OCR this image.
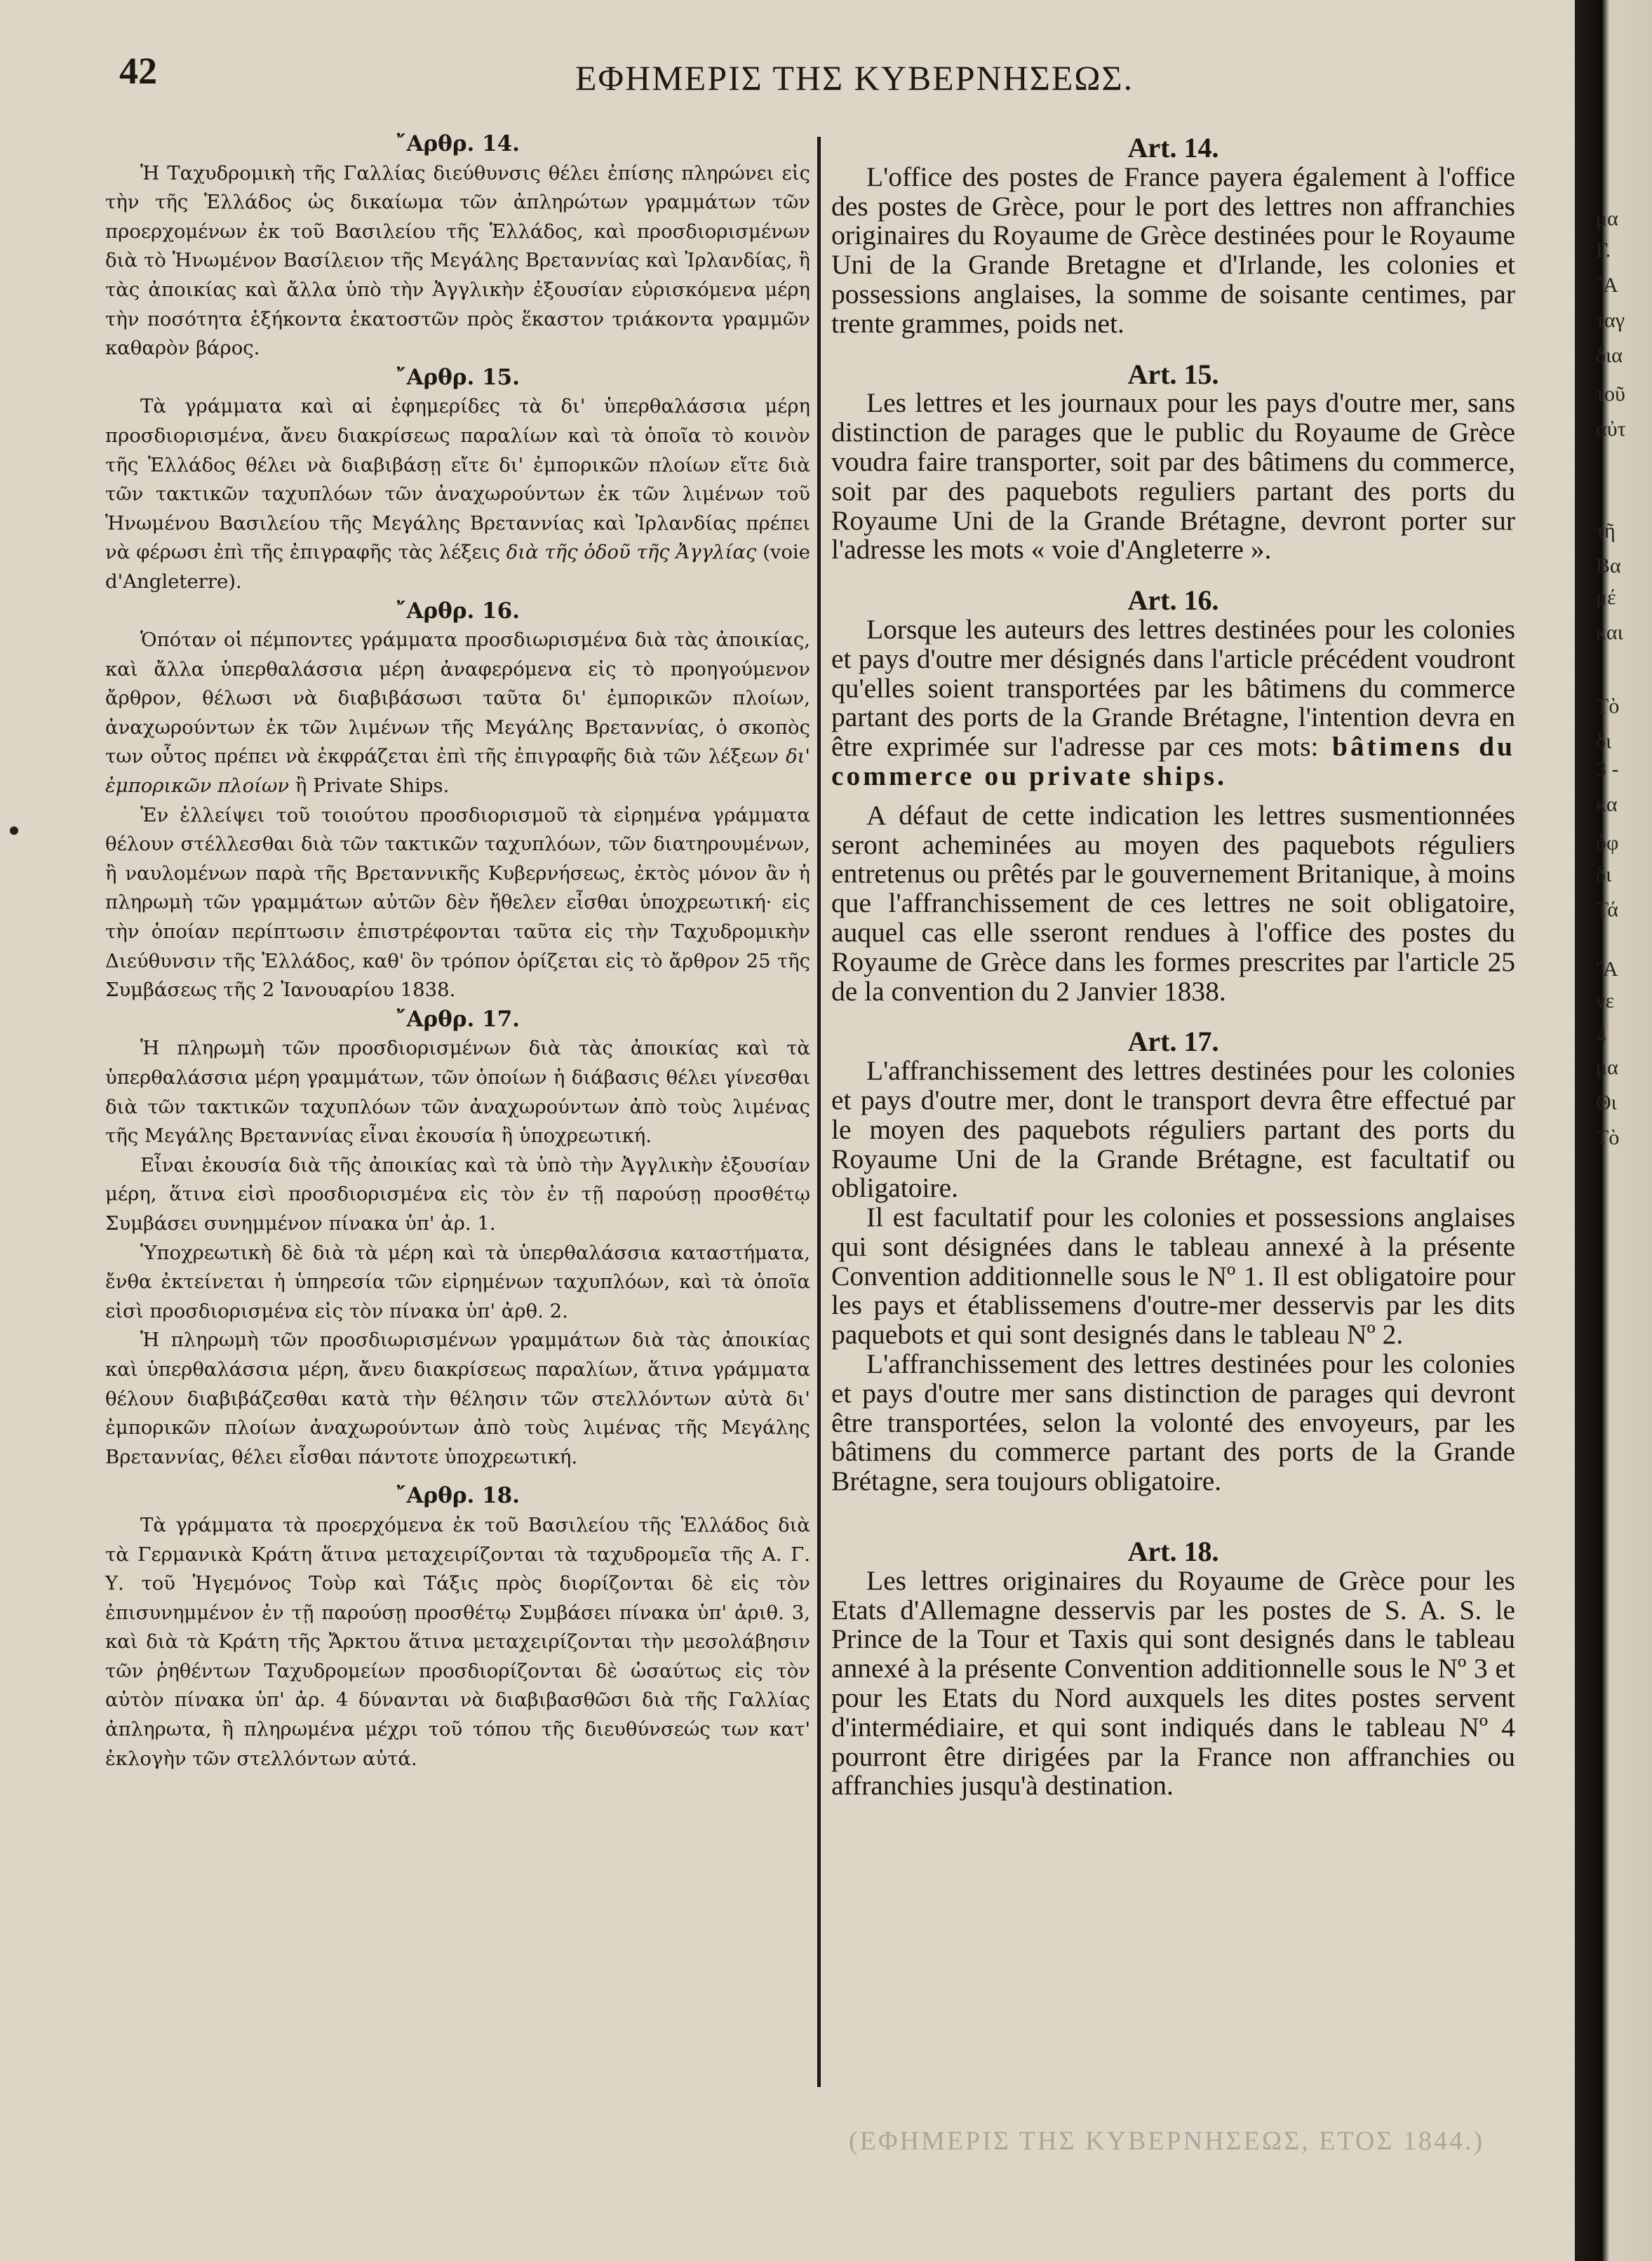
42	ΕΦΗΜΕΡΙΣ ΤΗΣ ΚΥΒΕΡΝΗΣΕΩΣ.

῎Αρθρ. 14.

Ἡ Ταχυδρομικὴ τῆς Γαλλίας διεύθυνσις θέλει ἐπίσης πληρώνει εἰς τὴν τῆς Ἑλλάδος ὡς δικαίωμα τῶν ἀπληρώτων γραμμάτων τῶν προερχομένων ἐκ τοῦ Βασιλείου τῆς Ἑλλάδος, καὶ προσδιορισμένων διὰ τὸ Ἡνωμένον Βασίλειον τῆς Μεγάλης Βρεταννίας καὶ Ἰρλανδίας, ἢ τὰς ἀποικίας καὶ ἄλλα ὑπὸ τὴν Ἀγγλικὴν ἐξουσίαν εὑρισκόμενα μέρη τὴν ποσότητα ἑξήκοντα ἑκατοστῶν πρὸς ἕκαστον τριάκοντα γραμμῶν καθαρὸν βάρος.

῎Αρθρ. 15.

Τὰ γράμματα καὶ αἱ ἐφημερίδες τὰ δι' ὑπερθαλάσσια μέρη προσδιορισμένα, ἄνευ διακρίσεως παραλίων καὶ τὰ ὁποῖα τὸ κοινὸν τῆς Ἑλλάδος θέλει νὰ διαβιβάσῃ εἴτε δι' ἐμπορικῶν πλοίων εἴτε διὰ τῶν τακτικῶν ταχυπλόων τῶν ἀναχωρούντων ἐκ τῶν λιμένων τοῦ Ἡνωμένου Βασιλείου τῆς Μεγάλης Βρεταννίας καὶ Ἰρλανδίας πρέπει νὰ φέρωσι ἐπὶ τῆς ἐπιγραφῆς τὰς λέξεις διὰ τῆς ὁδοῦ τῆς Ἀγγλίας (voie d'Angleterre).

῎Αρθρ. 16.

Ὁπόταν οἱ πέμποντες γράμματα προσδιωρισμένα διὰ τὰς ἀποικίας, καὶ ἄλλα ὑπερθαλάσσια μέρη ἀναφερόμενα εἰς τὸ προηγούμενον ἄρθρον, θέλωσι νὰ διαβιβάσωσι ταῦτα δι' ἐμπορικῶν πλοίων, ἀναχωρούντων ἐκ τῶν λιμένων τῆς Μεγάλης Βρεταννίας, ὁ σκοπὸς των οὗτος πρέπει νὰ ἐκφράζεται ἐπὶ τῆς ἐπιγραφῆς διὰ τῶν λέξεων δι' ἐμπορικῶν πλοίων ἢ Private Ships.

Ἐν ἐλλείψει τοῦ τοιούτου προσδιορισμοῦ τὰ εἰρημένα γράμματα θέλουν στέλλεσθαι διὰ τῶν τακτικῶν ταχυπλόων, τῶν διατηρουμένων, ἢ ναυλομένων παρὰ τῆς Βρεταννικῆς Κυβερνήσεως, ἐκτὸς μόνον ἂν ἡ πληρωμὴ τῶν γραμμάτων αὐτῶν δὲν ἤθελεν εἶσθαι ὑποχρεωτική· εἰς τὴν ὁποίαν περίπτωσιν ἐπιστρέφονται ταῦτα εἰς τὴν Ταχυδρομικὴν Διεύθυνσιν τῆς Ἑλλάδος, καθ' ὃν τρόπον ὁρίζεται εἰς τὸ ἄρθρον 25 τῆς Συμβάσεως τῆς 2 Ἰανουαρίου 1838.

῎Αρθρ. 17.

Ἡ πληρωμὴ τῶν προσδιορισμένων διὰ τὰς ἀποικίας καὶ τὰ ὑπερθαλάσσια μέρη γραμμάτων, τῶν ὁποίων ἡ διάβασις θέλει γίνεσθαι διὰ τῶν τακτικῶν ταχυπλόων τῶν ἀναχωρούντων ἀπὸ τοὺς λιμένας τῆς Μεγάλης Βρεταννίας εἶναι ἐκουσία ἢ ὑποχρεωτική.

Εἶναι ἐκουσία διὰ τῆς ἀποικίας καὶ τὰ ὑπὸ τὴν Ἀγγλικὴν ἐξουσίαν μέρη, ἅτινα εἰσὶ προσδιορισμένα εἰς τὸν ἐν τῇ παρούσῃ προσθέτῳ Συμβάσει συνημμένον πίνακα ὑπ' ἀρ. 1.

Ὑποχρεωτικὴ δὲ διὰ τὰ μέρη καὶ τὰ ὑπερθαλάσσια καταστήματα, ἔνθα ἐκτείνεται ἡ ὑπηρεσία τῶν εἰρημένων ταχυπλόων, καὶ τὰ ὁποῖα εἰσὶ προσδιορισμένα εἰς τὸν πίνακα ὑπ' ἀρθ. 2.

Ἡ πληρωμὴ τῶν προσδιωρισμένων γραμμάτων διὰ τὰς ἀποικίας καὶ ὑπερθαλάσσια μέρη, ἄνευ διακρίσεως παραλίων, ἅτινα γράμματα θέλουν διαβιβάζεσθαι κατὰ τὴν θέλησιν τῶν στελλόντων αὐτὰ δι' ἐμπορικῶν πλοίων ἀναχωρούντων ἀπὸ τοὺς λιμένας τῆς Μεγάλης Βρεταννίας, θέλει εἶσθαι πάντοτε ὑποχρεωτική.

῎Αρθρ. 18.

Τὰ γράμματα τὰ προερχόμενα ἐκ τοῦ Βασιλείου τῆς Ἑλλάδος διὰ τὰ Γερμανικὰ Κράτη ἅτινα μεταχειρίζονται τὰ ταχυδρομεῖα τῆς Α. Γ. Υ. τοῦ Ἡγεμόνος Τοὺρ καὶ Τάξις πρὸς διορίζονται δὲ εἰς τὸν ἐπισυνημμένον ἐν τῇ παρούσῃ προσθέτῳ Συμβάσει πίνακα ὑπ' ἀριθ. 3, καὶ διὰ τὰ Κράτη τῆς Ἄρκτου ἅτινα μεταχειρίζονται τὴν μεσολάβησιν τῶν ῥηθέντων Ταχυδρομείων προσδιορίζονται δὲ ὡσαύτως εἰς τὸν αὐτὸν πίνακα ὑπ' ἀρ. 4 δύνανται νὰ διαβιβασθῶσι διὰ τῆς Γαλλίας ἀπληρωτα, ἢ πληρωμένα μέχρι τοῦ τόπου τῆς διευθύνσεώς των κατ' ἐκλογὴν τῶν στελλόντων αὐτά.

Art. 14.

L'office des postes de France payera également à l'office des postes de Grèce, pour le port des lettres non affranchies originaires du Royaume de Grèce destinées pour le Royaume Uni de la Grande Bretagne et d'Irlande, les colonies et possessions anglaises, la somme de soisante centimes, par trente grammes, poids net.

Art. 15.

Les lettres et les journaux pour les pays d'outre mer, sans distinction de parages que le public du Royaume de Grèce voudra faire transporter, soit par des bâtimens du commerce, soit par des paquebots reguliers partant des ports du Royaume Uni de la Grande Brétagne, devront porter sur l'adresse les mots « voie d'Angleterre ».

Art. 16.

Lorsque les auteurs des lettres destinées pour les colonies et pays d'outre mer désignés dans l'article précédent voudront qu'elles soient transportées par les bâtimens du commerce partant des ports de la Grande Brétagne, l'intention devra en être exprimée sur l'adresse par ces mots: bâtimens du commerce ou private ships.

A défaut de cette indication les lettres susmentionnées seront acheminées au moyen des paquebots réguliers entretenus ou prêtés par le gouvernement Britanique, à moins que l'affranchissement de ces lettres ne soit obligatoire, auquel cas elle sseront rendues à l'office des postes du Royaume de Grèce dans les formes prescrites par l'article 25 de la convention du 2 Janvier 1838.

Art. 17.

L'affranchissement des lettres destinées pour les colonies et pays d'outre mer, dont le transport devra être effectué par le moyen des paquebots réguliers partant des ports du Royaume Uni de la Grande Brétagne, est facultatif ou obligatoire.

Il est facultatif pour les colonies et possessions anglaises qui sont désignées dans le tableau annexé à la présente Convention additionnelle sous le Nº 1. Il est obligatoire pour les pays et établissemens d'outre-mer desservis par les dits paquebots et qui sont designés dans le tableau Nº 2.

L'affranchissement des lettres destinées pour les colonies et pays d'outre mer sans distinction de parages qui devront être transportées, selon la volonté des envoyeurs, par les bâtimens du commerce partant des ports de la Grande Brétagne, sera toujours obligatoire.

Art. 18.

Les lettres originaires du Royaume de Grèce pour les Etats d'Allemagne desservis par les postes de S. A. S. le Prince de la Tour et Taxis qui sont designés dans le tableau annexé à la présente Convention additionnelle sous le Nº 3 et pour les Etats du Nord auxquels les dites postes servent d'intermédiaire, et qui sont indiqués dans le tableau Nº 4 pourront être dirigées par la France non affranchies ou affranchies jusqu'à destination.

(ΕΦΗΜΕΡΙΣ ΤΗΣ ΚΥΒΕΡΝΗΣΕΩΣ, ΕΤΟΣ 1844.)
μα
Γ.
῞Α
ταγ
δια
τοῦ
αὐτ
τῆ
Βα
μέ
και
Τὸ
δι
3 -
κα
ὀφ
δι
Τά
῞Α
νε
4
μα
Θι
Τὸ
